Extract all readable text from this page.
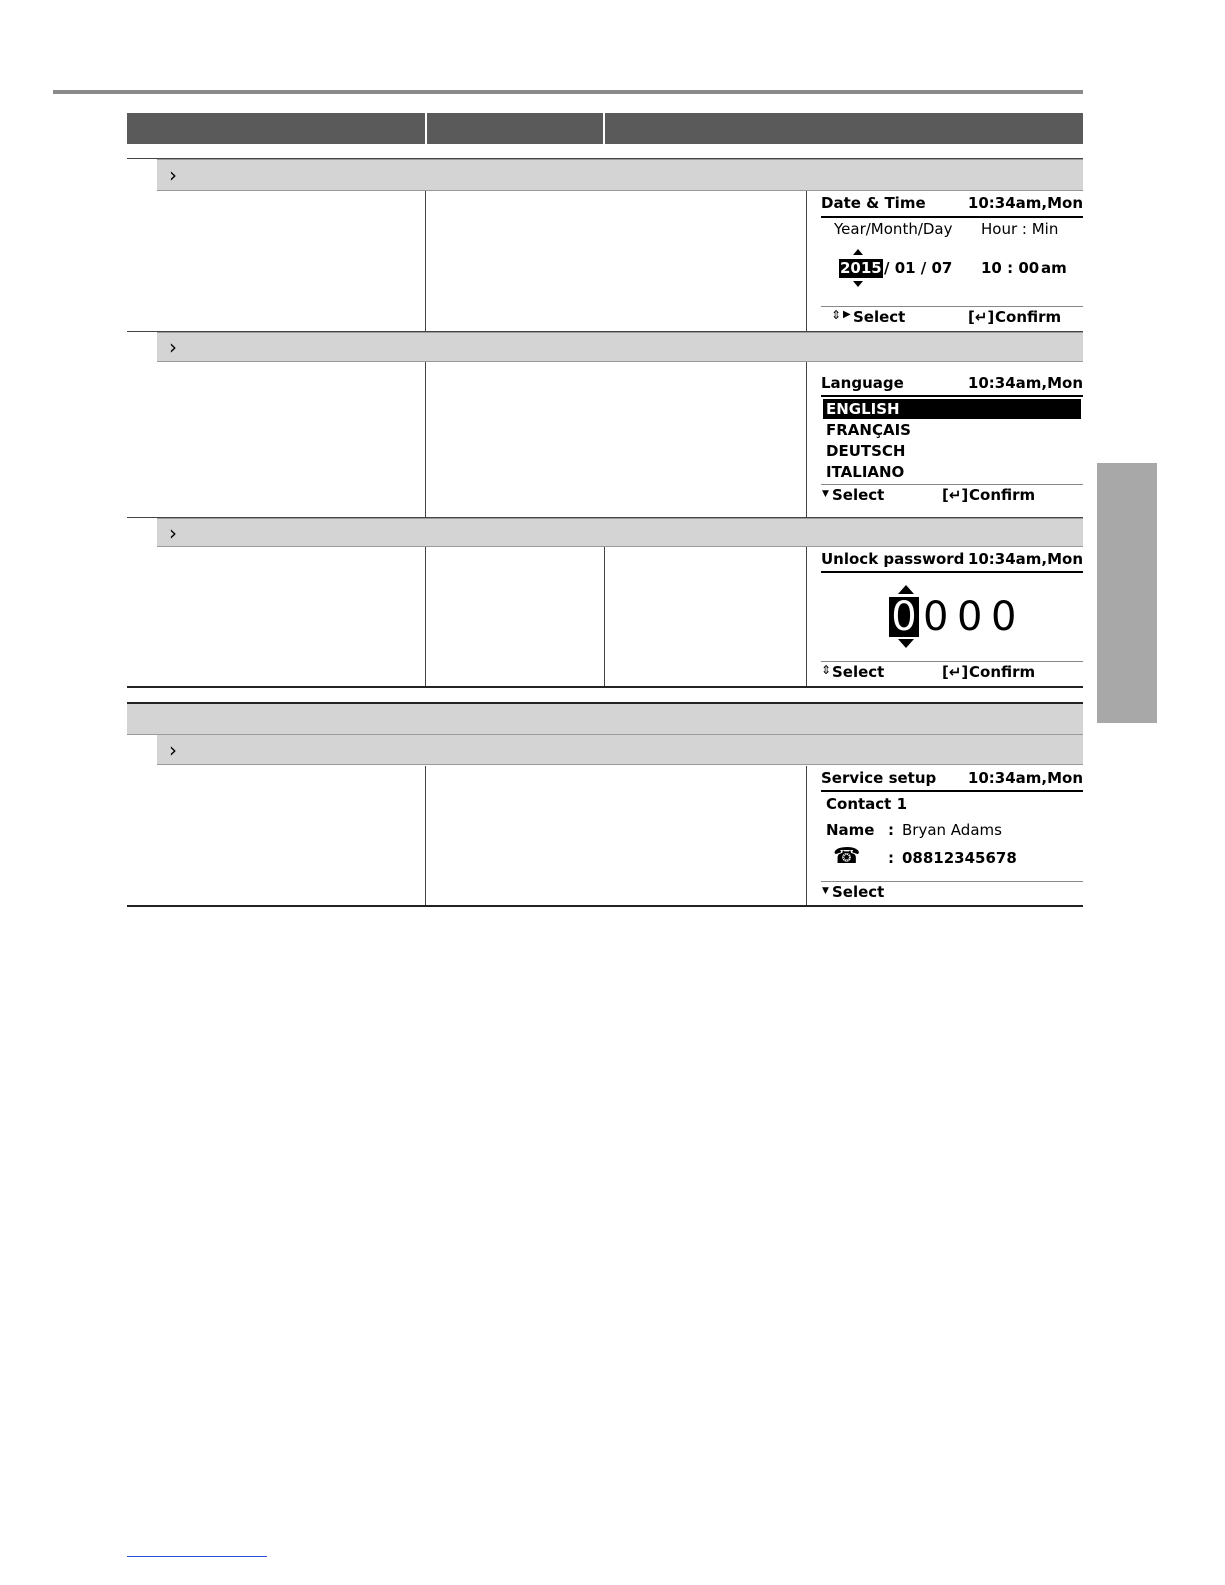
›
Date & Time	10:34am,Mon
Year/Month/Day Hour : Min
2015 / 01 / 07 10 : 00 am
⇕ ▶ Select	[↵] Confirm
›
Language	10:34am,Mon
ENGLISH
FRANÇAIS
DEUTSCH
ITALIANO
▼ Select	[↵] Confirm
›
Unlock password 10:34am,Mon
0 0 0 0
⇕ Select	[↵] Confirm
›
Service setup 10:34am,Mon
Contact 1
Name : Bryan Adams
☎ : 08812345678
▼ Select
